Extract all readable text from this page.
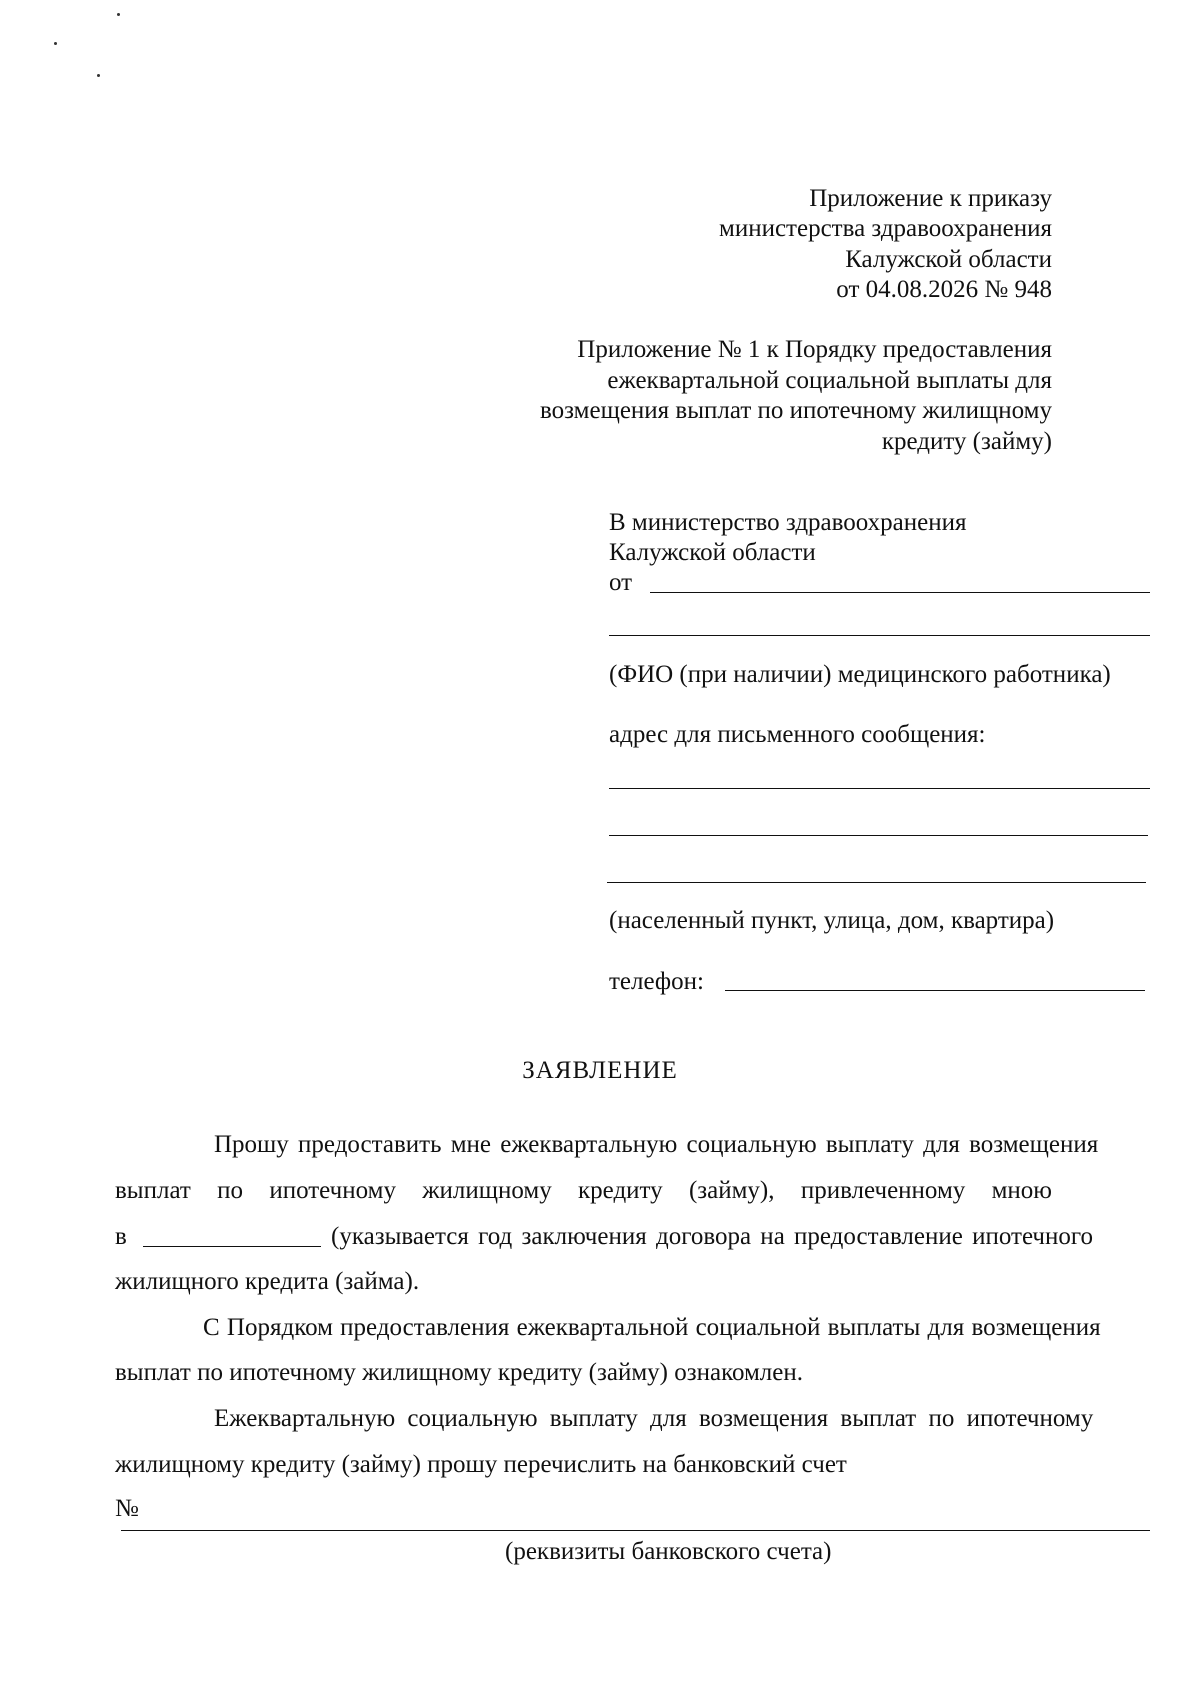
Приложение к приказу
министерства здравоохранения
Калужской области
от 04.08.2026 № 948
Приложение № 1 к Порядку предоставления
ежеквартальной социальной выплаты для
возмещения выплат по ипотечному жилищному
кредиту (займу)
В министерство здравоохранения
Калужской области
от
(ФИО (при наличии) медицинского работника)
адрес для письменного сообщения:
(населенный пункт, улица, дом, квартира)
телефон:
ЗАЯВЛЕНИЕ
Прошу предоставить мне ежеквартальную социальную выплату для возмещения
выплат по ипотечному жилищному кредиту (займу), привлеченному мною
в	(указывается год заключения договора на предоставление ипотечного
жилищного кредита (займа).
С Порядком предоставления ежеквартальной социальной выплаты для возмещения
выплат по ипотечному жилищному кредиту (займу) ознакомлен.
Ежеквартальную социальную выплату для возмещения выплат по ипотечному
жилищному кредиту (займу) прошу перечислить на банковский счет
№
(реквизиты банковского счета)
